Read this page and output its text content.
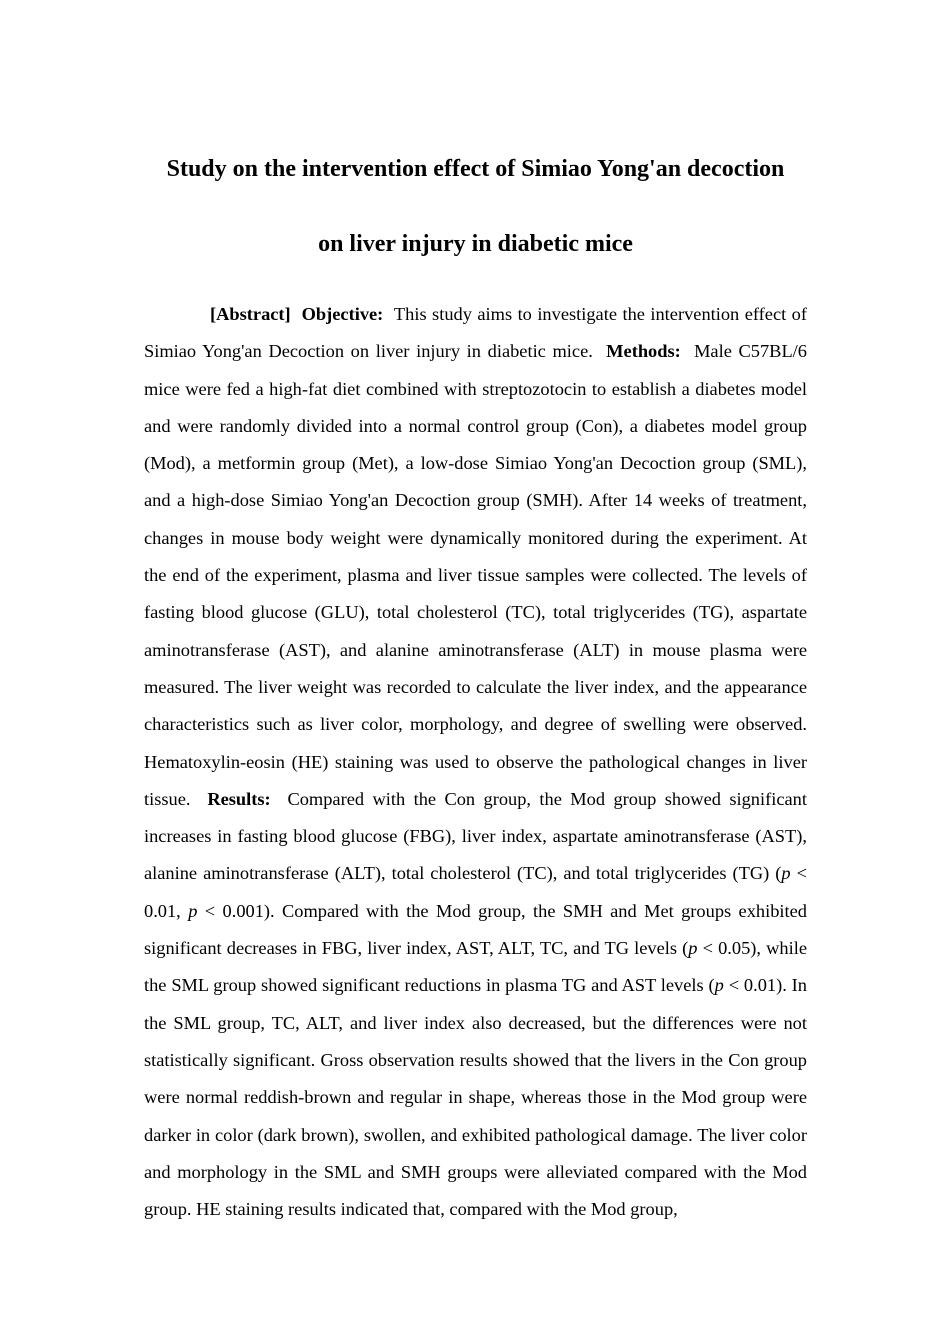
Study on the intervention effect of Simiao Yong'an decoction
on liver injury in diabetic mice

[Abstract] Objective: This study aims to investigate the intervention effect of Simiao Yong'an Decoction on liver injury in diabetic mice. Methods: Male C57BL/6 mice were fed a high-fat diet combined with streptozotocin to establish a diabetes model and were randomly divided into a normal control group (Con), a diabetes model group (Mod), a metformin group (Met), a low-dose Simiao Yong'an Decoction group (SML), and a high-dose Simiao Yong'an Decoction group (SMH). After 14 weeks of treatment, changes in mouse body weight were dynamically monitored during the experiment. At the end of the experiment, plasma and liver tissue samples were collected. The levels of fasting blood glucose (GLU), total cholesterol (TC), total triglycerides (TG), aspartate aminotransferase (AST), and alanine aminotransferase (ALT) in mouse plasma were measured. The liver weight was recorded to calculate the liver index, and the appearance characteristics such as liver color, morphology, and degree of swelling were observed. Hematoxylin-eosin (HE) staining was used to observe the pathological changes in liver tissue. Results: Compared with the Con group, the Mod group showed significant increases in fasting blood glucose (FBG), liver index, aspartate aminotransferase (AST), alanine aminotransferase (ALT), total cholesterol (TC), and total triglycerides (TG) (p < 0.01, p < 0.001). Compared with the Mod group, the SMH and Met groups exhibited significant decreases in FBG, liver index, AST, ALT, TC, and TG levels (p < 0.05), while the SML group showed significant reductions in plasma TG and AST levels (p < 0.01). In the SML group, TC, ALT, and liver index also decreased, but the differences were not statistically significant. Gross observation results showed that the livers in the Con group were normal reddish-brown and regular in shape, whereas those in the Mod group were darker in color (dark brown), swollen, and exhibited pathological damage. The liver color and morphology in the SML and SMH groups were alleviated compared with the Mod group. HE staining results indicated that, compared with the Mod group,
